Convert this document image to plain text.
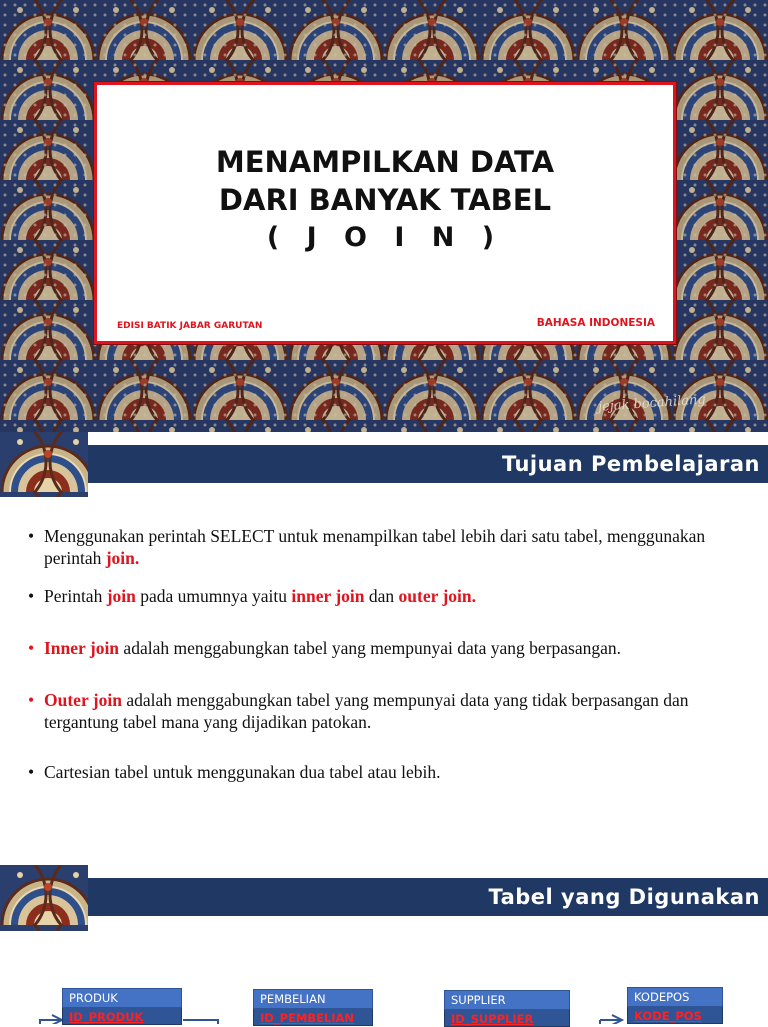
MENAMPILKAN DATA
DARI BANYAK TABEL
( J O I N )
EDISI BATIK JABAR GARUTAN	BAHASA INDONESIA
jejak bocahilang
Tujuan Pembelajaran
• Menggunakan perintah SELECT untuk menampilkan tabel lebih dari satu tabel, menggunakan perintah join.
• Perintah join pada umumnya yaitu inner join dan outer join.
• Inner join adalah menggabungkan tabel yang mempunyai data yang berpasangan.
• Outer join adalah menggabungkan tabel yang mempunyai data yang tidak berpasangan dan tergantung tabel mana yang dijadikan patokan.
• Cartesian tabel untuk menggunakan dua tabel atau lebih.
Tabel yang Digunakan
PRODUK
ID_PRODUK
PEMBELIAN
ID_PEMBELIAN
SUPPLIER
ID_SUPPLIER
KODEPOS
KODE_POS
